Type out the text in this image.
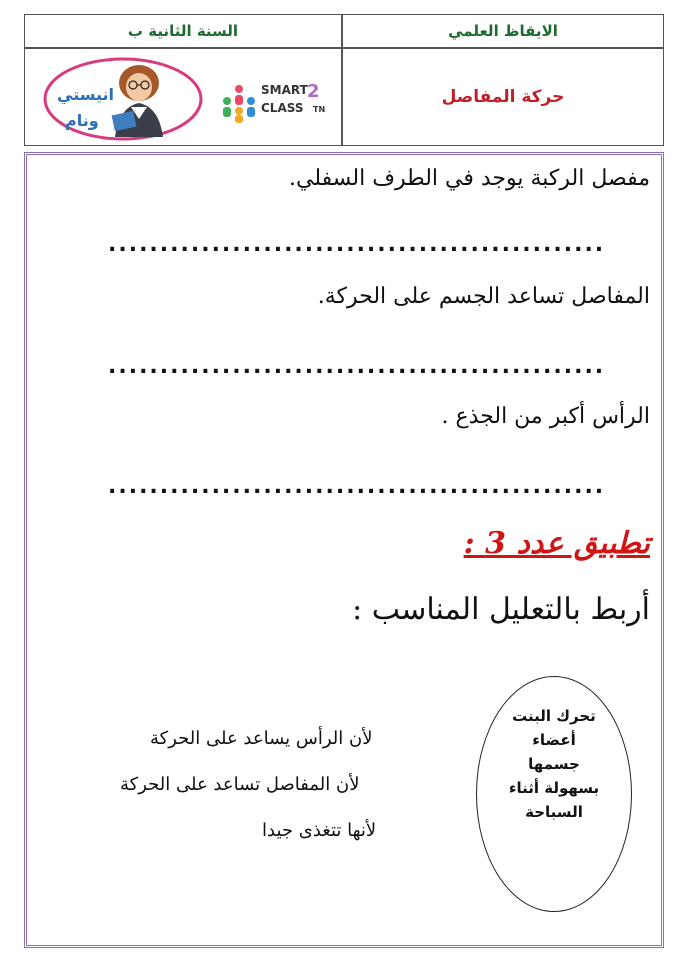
الايقاظ العلمي
السنة الثانية ب
حركة المفاصل
انيستي
ونام
SMART
CLASS
2
TN
مفصل الركبة يوجد في الطرف السفلي.
................................................
المفاصل تساعد الجسم على الحركة.
................................................
الرأس أكبر من الجذع .
................................................
تطبيق عدد 3 :
أربط بالتعليل المناسب :
لأن الرأس يساعد على الحركة
لأن المفاصل تساعد على الحركة
لأنها تتغذى جيدا
تحرك البنت
أعضاء
جسمها
بسهولة أثناء
السباحة
